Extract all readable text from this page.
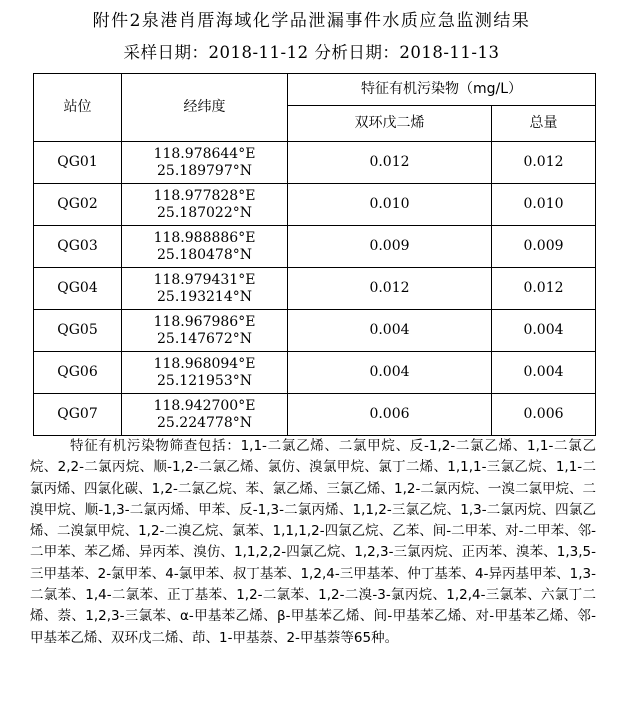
附件2泉港肖厝海域化学品泄漏事件水质应急监测结果
采样日期：2018-11-12 分析日期：2018-11-13
站位	经纬度	特征有机污染物（mg/L）	
		双环戊二烯	总量
QG01	118.978644°E
25.189797°N	0.012	0.012
QG02	118.977828°E
25.187022°N	0.010	0.010
QG03	118.988886°E
25.180478°N	0.009	0.009
QG04	118.979431°E
25.193214°N	0.012	0.012
QG05	118.967986°E
25.147672°N	0.004	0.004
QG06	118.968094°E
25.121953°N	0.004	0.004
QG07	118.942700°E
25.224778°N	0.006	0.006
特征有机污染物筛查包括：1,1-二氯乙烯、二氯甲烷、反-1,2-二氯乙烯、1,1-二氯乙烷、2,2-二氯丙烷、顺-1,2-二氯乙烯、氯仿、溴氯甲烷、氯丁二烯、1,1,1-三氯乙烷、1,1-二氯丙烯、四氯化碳、1,2-二氯乙烷、苯、氯乙烯、三氯乙烯、1,2-二氯丙烷、一溴二氯甲烷、二溴甲烷、顺-1,3-二氯丙烯、甲苯、反-1,3-二氯丙烯、1,1,2-三氯乙烷、1,3-二氯丙烷、四氯乙烯、二溴氯甲烷、1,2-二溴乙烷、氯苯、1,1,1,2-四氯乙烷、乙苯、间-二甲苯、对-二甲苯、邻-二甲苯、苯乙烯、异丙苯、溴仿、1,1,2,2-四氯乙烷、1,2,3-三氯丙烷、正丙苯、溴苯、1,3,5-三甲基苯、2-氯甲苯、4-氯甲苯、叔丁基苯、1,2,4-三甲基苯、仲丁基苯、4-异丙基甲苯、1,3-二氯苯、1,4-二氯苯、正丁基苯、1,2-二氯苯、1,2-二溴-3-氯丙烷、1,2,4-三氯苯、六氯丁二烯、萘、1,2,3-三氯苯、α-甲基苯乙烯、β-甲基苯乙烯、间-甲基苯乙烯、对-甲基苯乙烯、邻-甲基苯乙烯、双环戊二烯、茚、1-甲基萘、2-甲基萘等65种。
